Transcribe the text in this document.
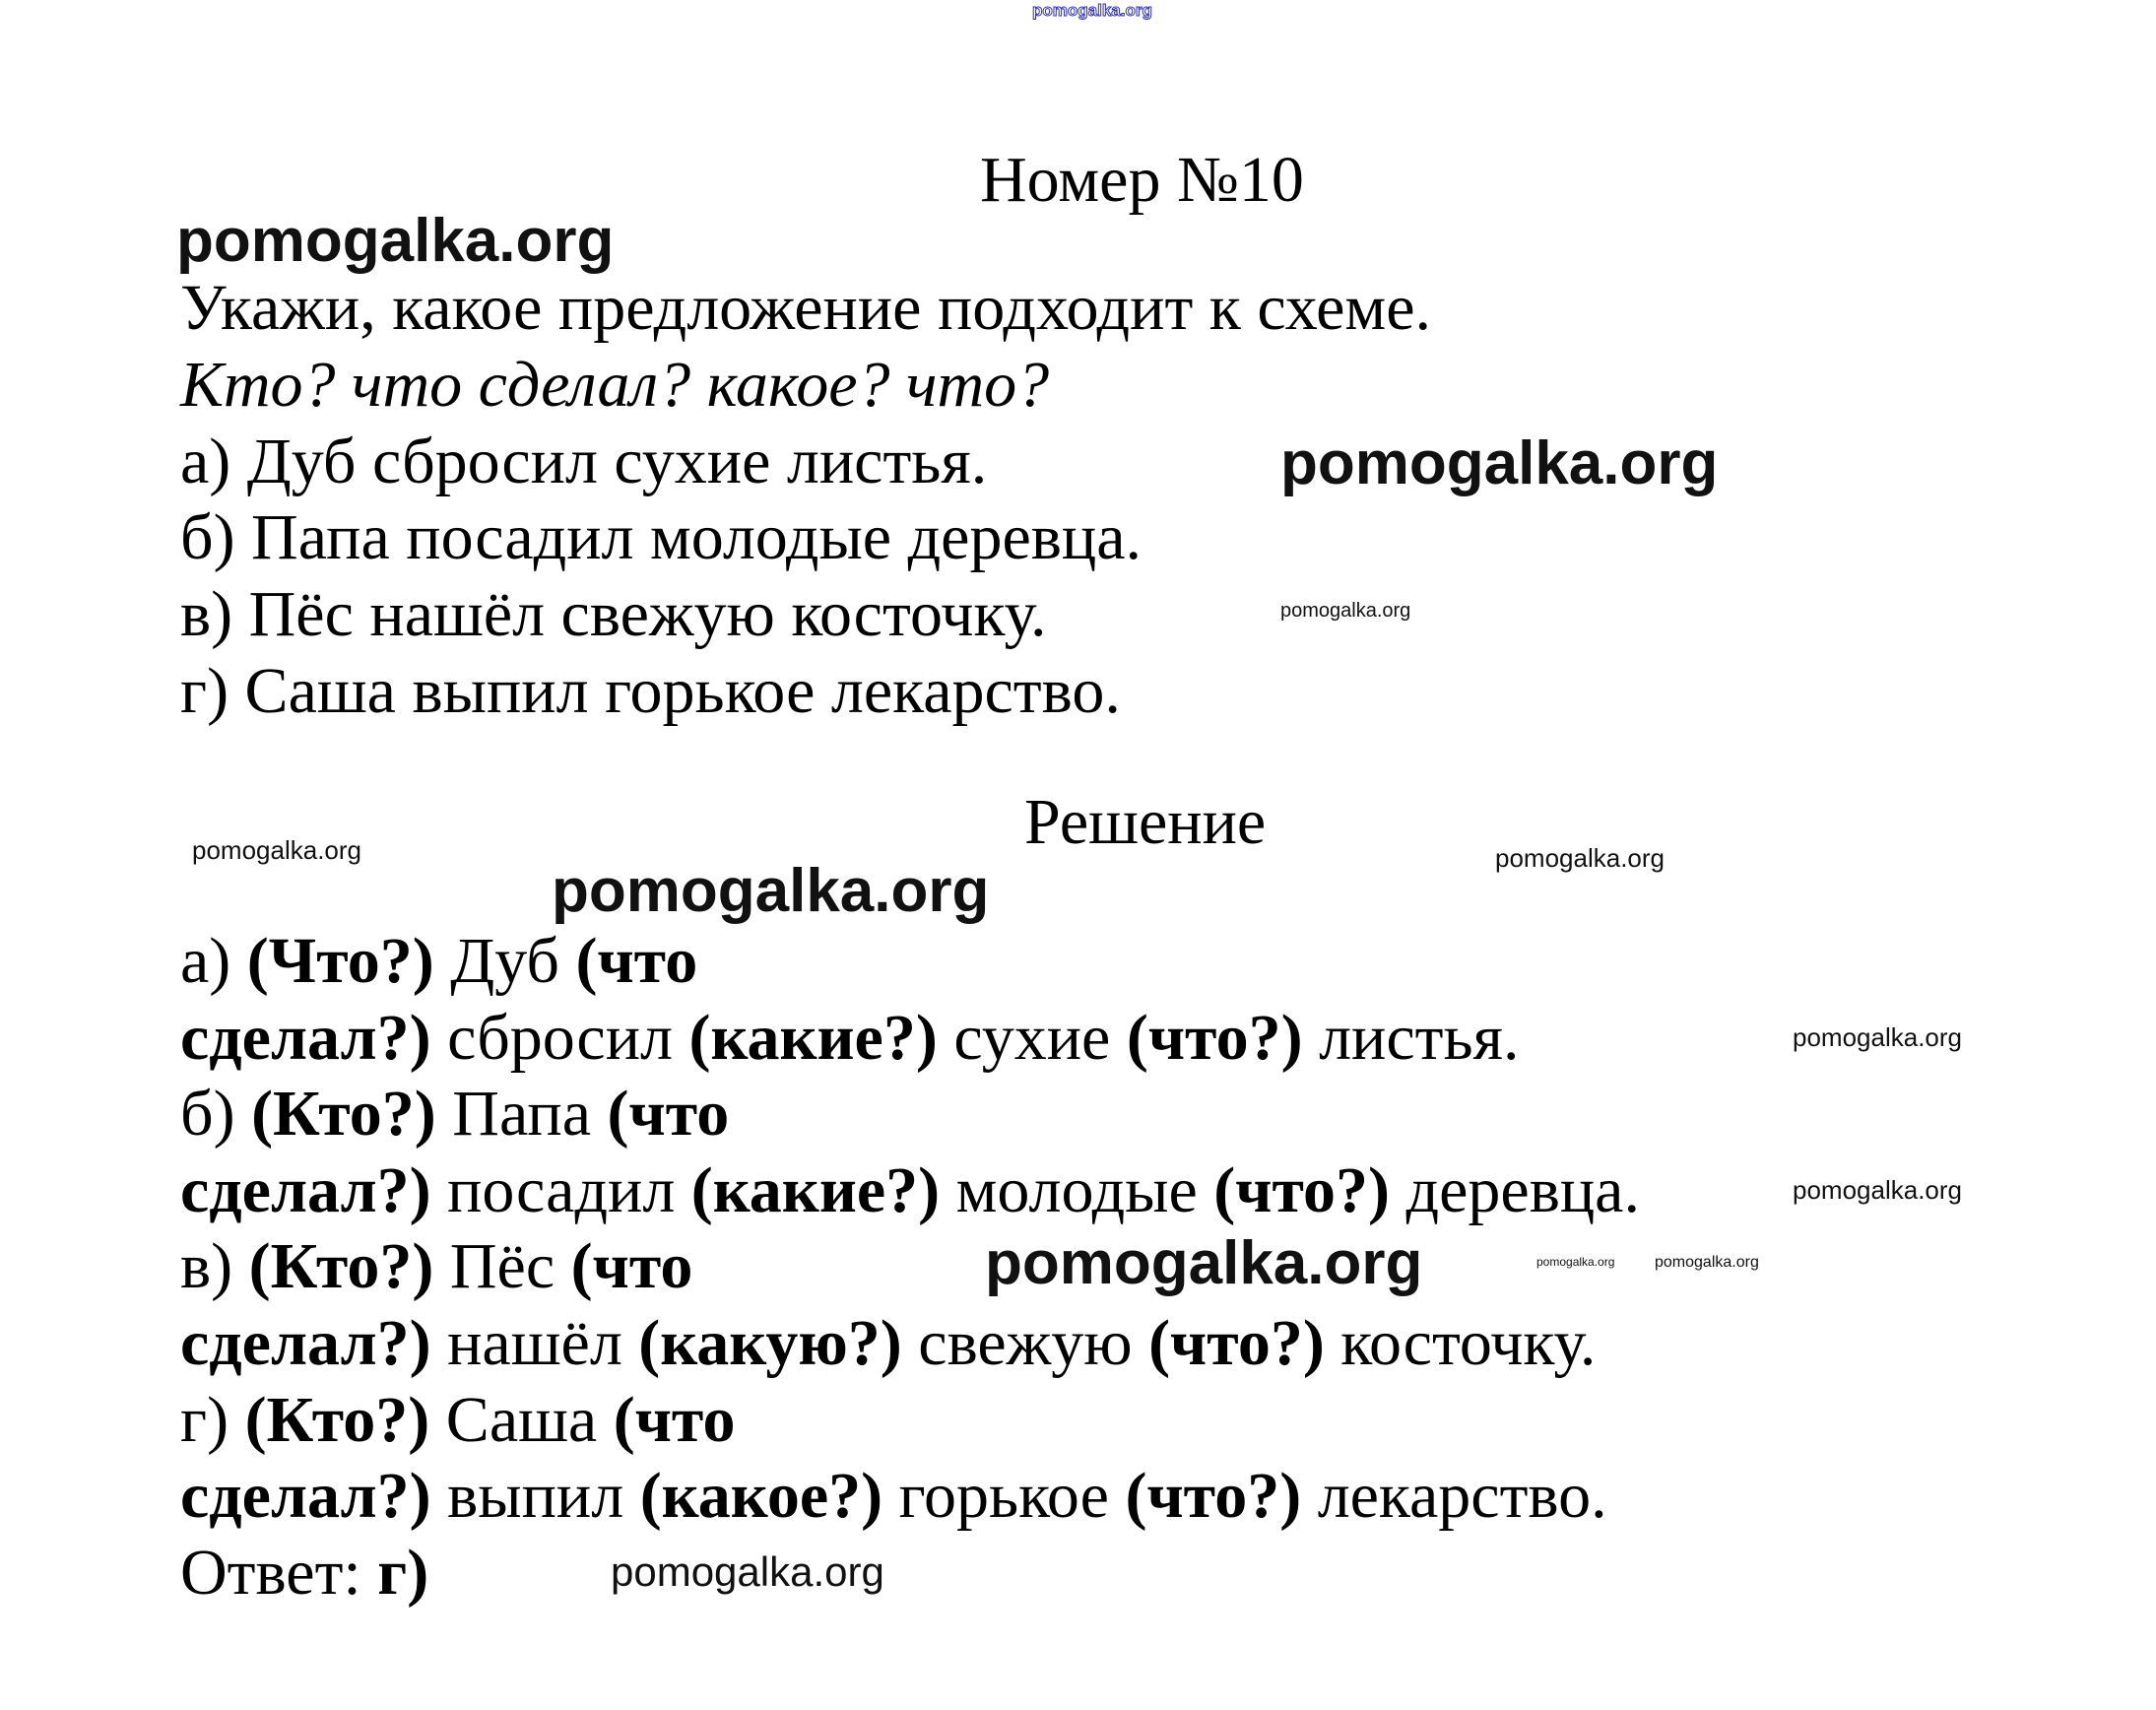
pomogalka.org
Номер №10
pomogalka.org
Укажи, какое предложение подходит к схеме.
Кто? что сделал? какое? что?
а) Дуб сбросил сухие листья.
б) Папа посадил молодые деревца.
в) Пёс нашёл свежую косточку.
г) Саша выпил горькое лекарство.
pomogalka.org
pomogalka.org
Решение
pomogalka.org	pomogalka.org
pomogalka.org
а) (Что?) Дуб (что
сделал?) сбросил (какие?) сухие (что?) листья.
б) (Кто?) Папа (что
сделал?) посадил (какие?) молодые (что?) деревца.
в) (Кто?) Пёс (что
сделал?) нашёл (какую?) свежую (что?) косточку.
г) (Кто?) Саша (что
сделал?) выпил (какое?) горькое (что?) лекарство.
Ответ: г)
pomogalka.org
pomogalka.org
pomogalka.org	pomogalka.org
pomogalka.org
pomogalka.org
